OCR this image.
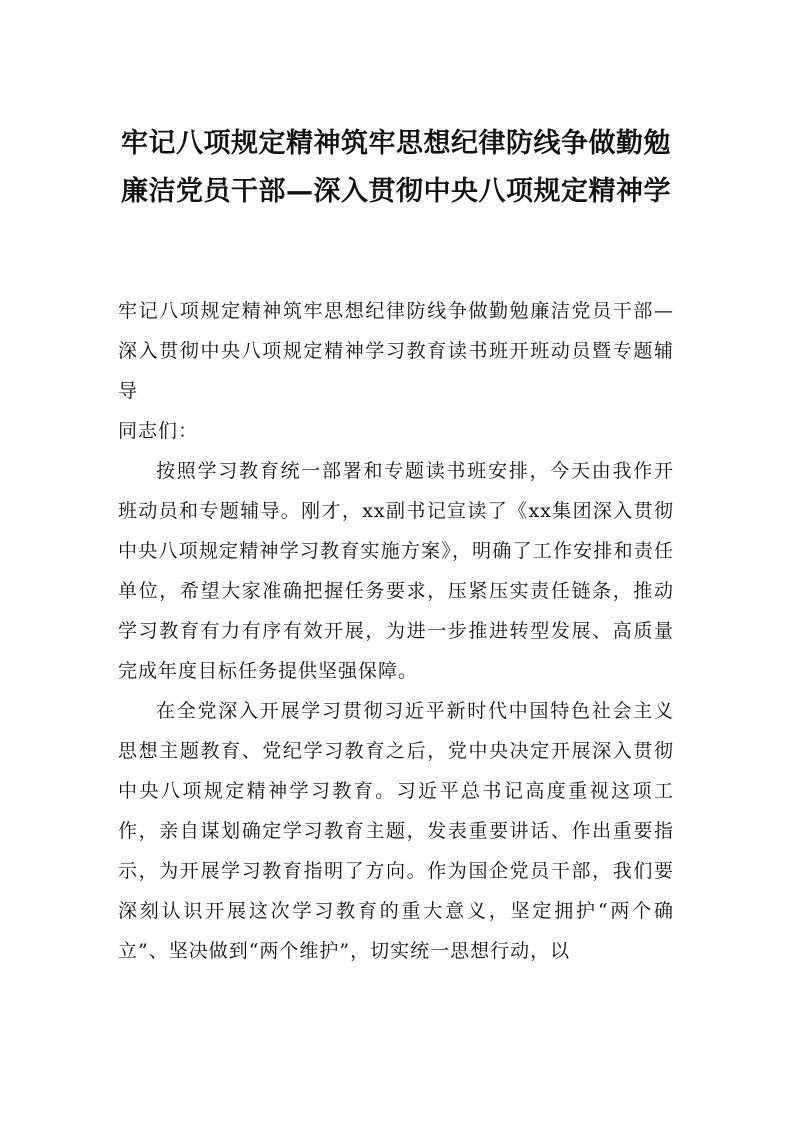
牢记八项规定精神筑牢思想纪律防线争做勤勉廉洁党员干部—深入贯彻中央八项规定精神学

牢记八项规定精神筑牢思想纪律防线争做勤勉廉洁党员干部—深入贯彻中央八项规定精神学习教育读书班开班动员暨专题辅导

同志们：

按照学习教育统一部署和专题读书班安排，今天由我作开班动员和专题辅导。刚才，xx副书记宣读了《xx集团深入贯彻中央八项规定精神学习教育实施方案》，明确了工作安排和责任单位，希望大家准确把握任务要求，压紧压实责任链条，推动学习教育有力有序有效开展，为进一步推进转型发展、高质量完成年度目标任务提供坚强保障。

在全党深入开展学习贯彻习近平新时代中国特色社会主义思想主题教育、党纪学习教育之后，党中央决定开展深入贯彻中央八项规定精神学习教育。习近平总书记高度重视这项工作，亲自谋划确定学习教育主题，发表重要讲话、作出重要指示，为开展学习教育指明了方向。作为国企党员干部，我们要深刻认识开展这次学习教育的重大意义，坚定拥护“两个确立”、坚决做到“两个维护”，切实统一思想行动，以
